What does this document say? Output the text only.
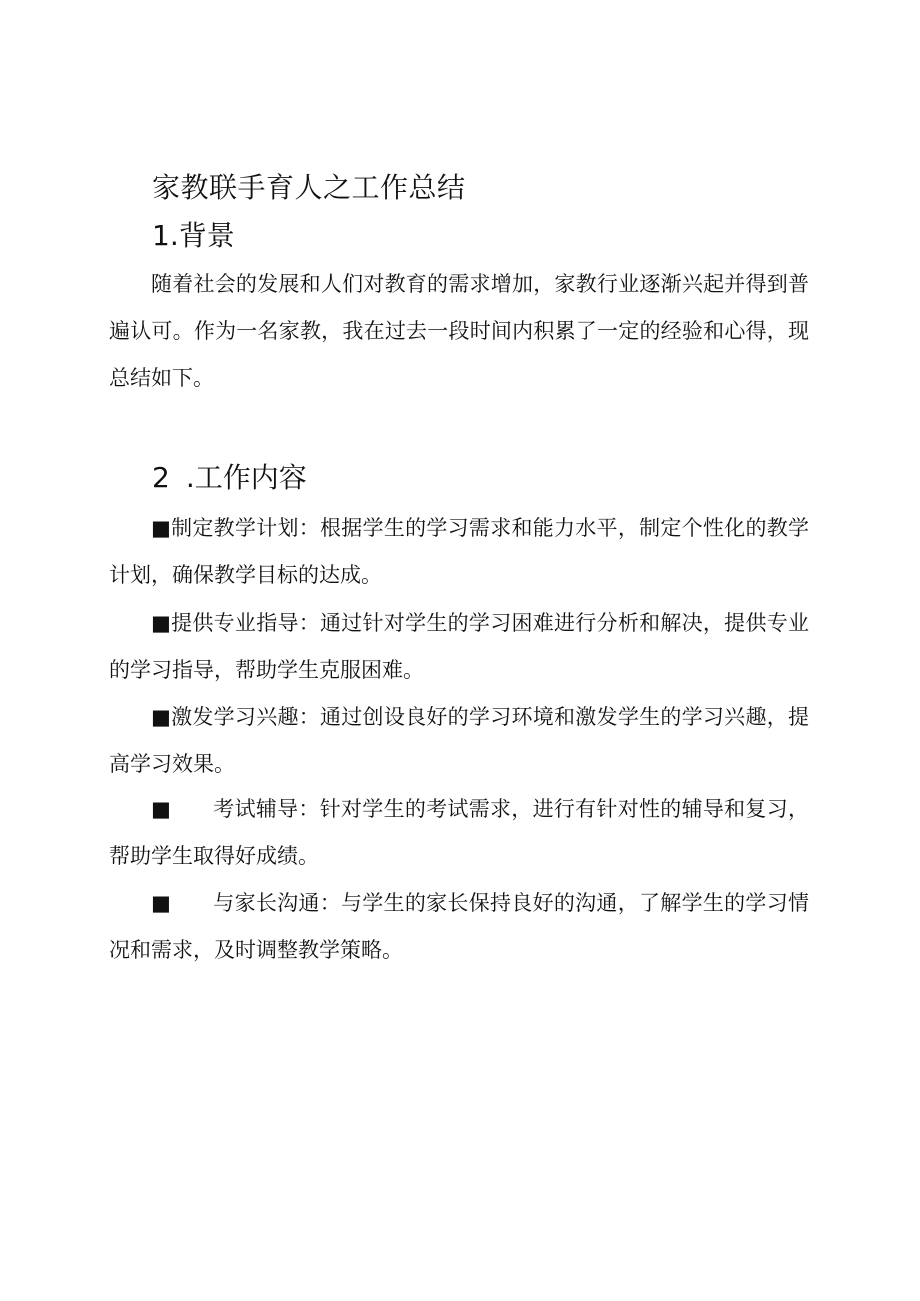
家教联手育人之工作总结
1.背景
随着社会的发展和人们对教育的需求增加，家教行业逐渐兴起并得到普遍认可。作为一名家教，我在过去一段时间内积累了一定的经验和心得，现总结如下。
2 .工作内容
■制定教学计划：根据学生的学习需求和能力水平，制定个性化的教学计划，确保教学目标的达成。
■提供专业指导：通过针对学生的学习困难进行分析和解决，提供专业的学习指导，帮助学生克服困难。
■激发学习兴趣：通过创设良好的学习环境和激发学生的学习兴趣，提高学习效果。
■ 考试辅导：针对学生的考试需求，进行有针对性的辅导和复习，帮助学生取得好成绩。
■ 与家长沟通：与学生的家长保持良好的沟通，了解学生的学习情况和需求，及时调整教学策略。
